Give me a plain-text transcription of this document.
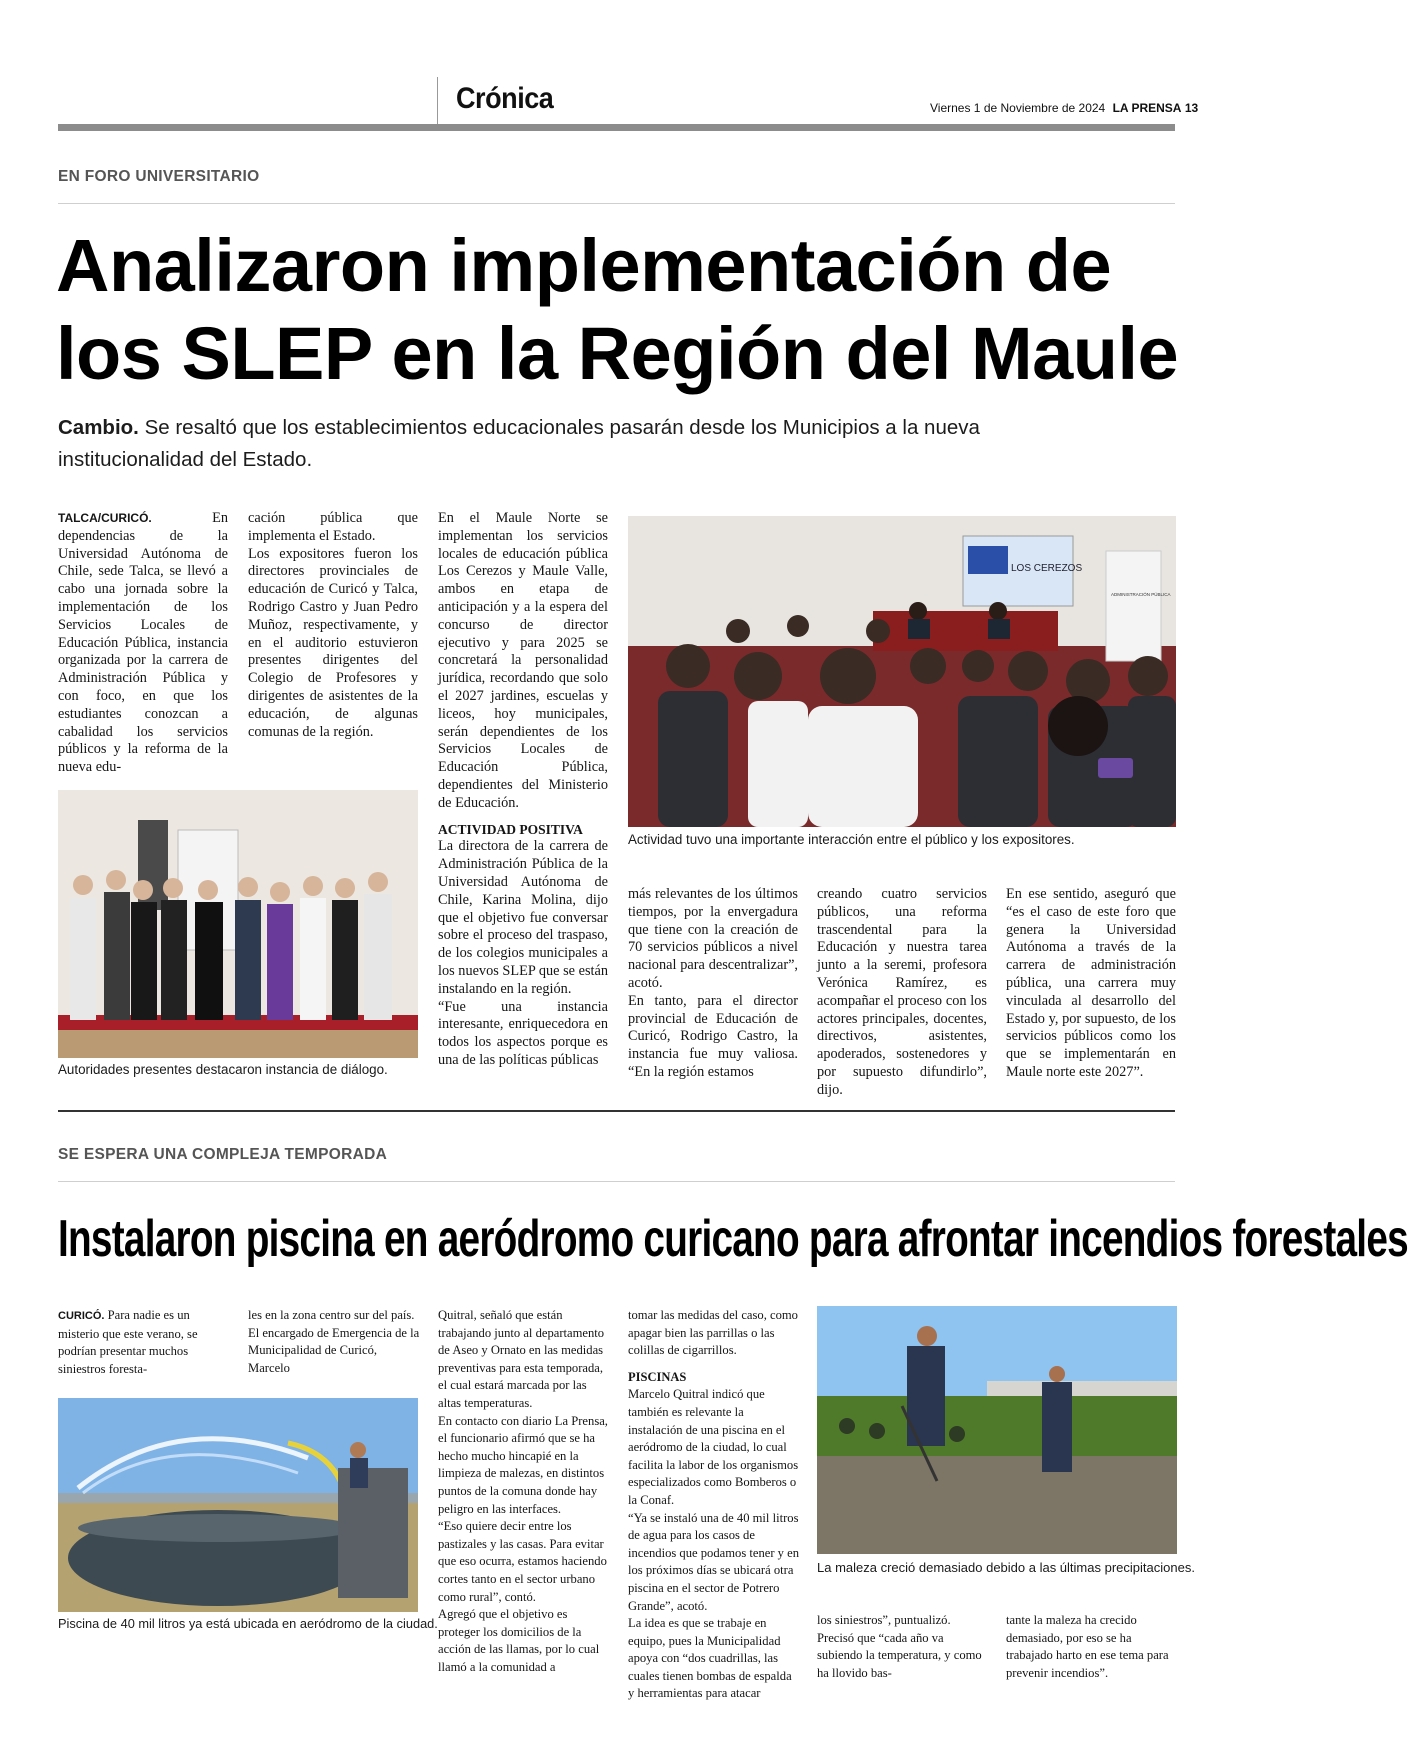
Crónica	Viernes 1 de Noviembre de 2024 LA PRENSA 13
EN FORO UNIVERSITARIO
Analizaron implementación de
los SLEP en la Región del Maule
Cambio. Se resaltó que los establecimientos educacionales pasarán desde los Municipios a la nueva
institucionalidad del Estado.

TALCA/CURICÓ.	En dependencias de la Universidad Autónoma de Chile, sede Talca, se llevó a cabo una jornada sobre la implementación de los Servicios Locales de Educación Pública, instancia organizada por la carrera de Administración Pública y con foco, en que los estudiantes conozcan a cabalidad los servicios públicos y la reforma de la nueva edu-

cación pública que implementa el Estado.

Los expositores fueron los directores provinciales de educación de Curicó y Talca, Rodrigo Castro y Juan Pedro Muñoz, respectivamente, y en el auditorio estuvieron presentes dirigentes del Colegio de Profesores y dirigentes de asistentes de la educación, de algunas comunas de la región.

En el Maule Norte se implementan los servicios locales de educación pública Los Cerezos y Maule Valle, ambos en etapa de anticipación y a la espera del concurso de director ejecutivo y para 2025 se concretará la personalidad jurídica, recordando que solo el 2027 jardines, escuelas y liceos, hoy municipales, serán dependientes de los Servicios Locales de Educación Pública, dependientes del Ministerio de Educación.

ACTIVIDAD POSITIVA

La directora de la carrera de Administración Pública de la Universidad Autónoma de Chile, Karina Molina, dijo que el objetivo fue conversar sobre el proceso del traspaso, de los colegios municipales a los nuevos SLEP que se están instalando en la región.

“Fue una instancia interesante, enriquecedora en todos los aspectos porque es una de las políticas públicas

más relevantes de los últimos tiempos, por la envergadura que tiene con la creación de 70 servicios públicos a nivel nacional para descentralizar”, acotó.

En tanto, para el director provincial de Educación de Curicó, Rodrigo Castro, la instancia fue muy valiosa. “En la región estamos

creando cuatro servicios públicos, una reforma trascendental para la Educación y nuestra tarea junto a la seremi, profesora Verónica Ramírez, es acompañar el proceso con los actores principales, docentes, directivos, asistentes, apoderados, sostenedores y por supuesto difundirlo”, dijo.

En ese sentido, aseguró que “es el caso de este foro que genera la Universidad Autónoma a través de la carrera de administración pública, una carrera muy vinculada al desarrollo del Estado y, por supuesto, de los servicios públicos como los que se implementarán en Maule norte este 2027”.

LOS CEREZOS
ADMINISTRACIÓN PÚBLICA
Actividad tuvo una importante interacción entre el público y los expositores.
Autoridades presentes destacaron instancia de diálogo.
SE ESPERA UNA COMPLEJA TEMPORADA
Instalaron piscina en aeródromo curicano para afrontar incendios forestales

CURICÓ. Para nadie es un misterio que este verano, se podrían presentar muchos siniestros foresta-

les en la zona centro sur del país.

El encargado de Emergencia de la Municipalidad de Curicó, Marcelo

Quitral, señaló que están trabajando junto al departamento de Aseo y Ornato en las medidas preventivas para esta temporada, el cual estará marcada por las altas temperaturas.

En contacto con diario La Prensa, el funcionario afirmó que se ha hecho mucho hincapié en la limpieza de malezas, en distintos puntos de la comuna donde hay peligro en las interfaces.

“Eso quiere decir entre los pastizales y las casas. Para evitar que eso ocurra, estamos haciendo cortes tanto en el sector urbano como rural”, contó.

Agregó que el objetivo es proteger los domicilios de la acción de las llamas, por lo cual llamó a la comunidad a

tomar las medidas del caso, como apagar bien las parrillas o las colillas de cigarrillos.

PISCINAS

Marcelo Quitral indicó que también es relevante la instalación de una piscina en el aeródromo de la ciudad, lo cual facilita la labor de los organismos especializados como Bomberos o la Conaf.

“Ya se instaló una de 40 mil litros de agua para los casos de incendios que podamos tener y en los próximos días se ubicará otra piscina en el sector de Potrero Grande”, acotó.

La idea es que se trabaje en equipo, pues la Municipalidad apoya con “dos cuadrillas, las cuales tienen bombas de espalda y herramientas para atacar

los siniestros”, puntualizó.

Precisó que “cada año va subiendo la temperatura, y como ha llovido bas-

tante la maleza ha crecido demasiado, por eso se ha trabajado harto en ese tema para prevenir incendios”.

Piscina de 40 mil litros ya está ubicada en aeródromo de la ciudad.
La maleza creció demasiado debido a las últimas precipitaciones.
